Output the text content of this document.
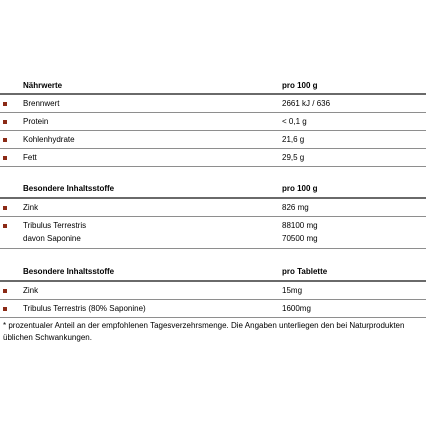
Nährwerte	pro 100 g
Brennwert	2661 kJ / 636
Protein	< 0,1 g
Kohlenhydrate	21,6 g
Fett	29,5 g
Besondere Inhaltsstoffe	pro 100 g
Zink	826 mg
Tribulus Terrestris	88100 mg
davon Saponine	70500 mg
Besondere Inhaltsstoffe	pro Tablette
Zink	15mg
Tribulus Terrestris (80% Saponine)	1600mg
* prozentualer Anteil an der empfohlenen Tagesverzehrsmenge. Die Angaben unterliegen den bei Naturprodukten üblichen Schwankungen.
